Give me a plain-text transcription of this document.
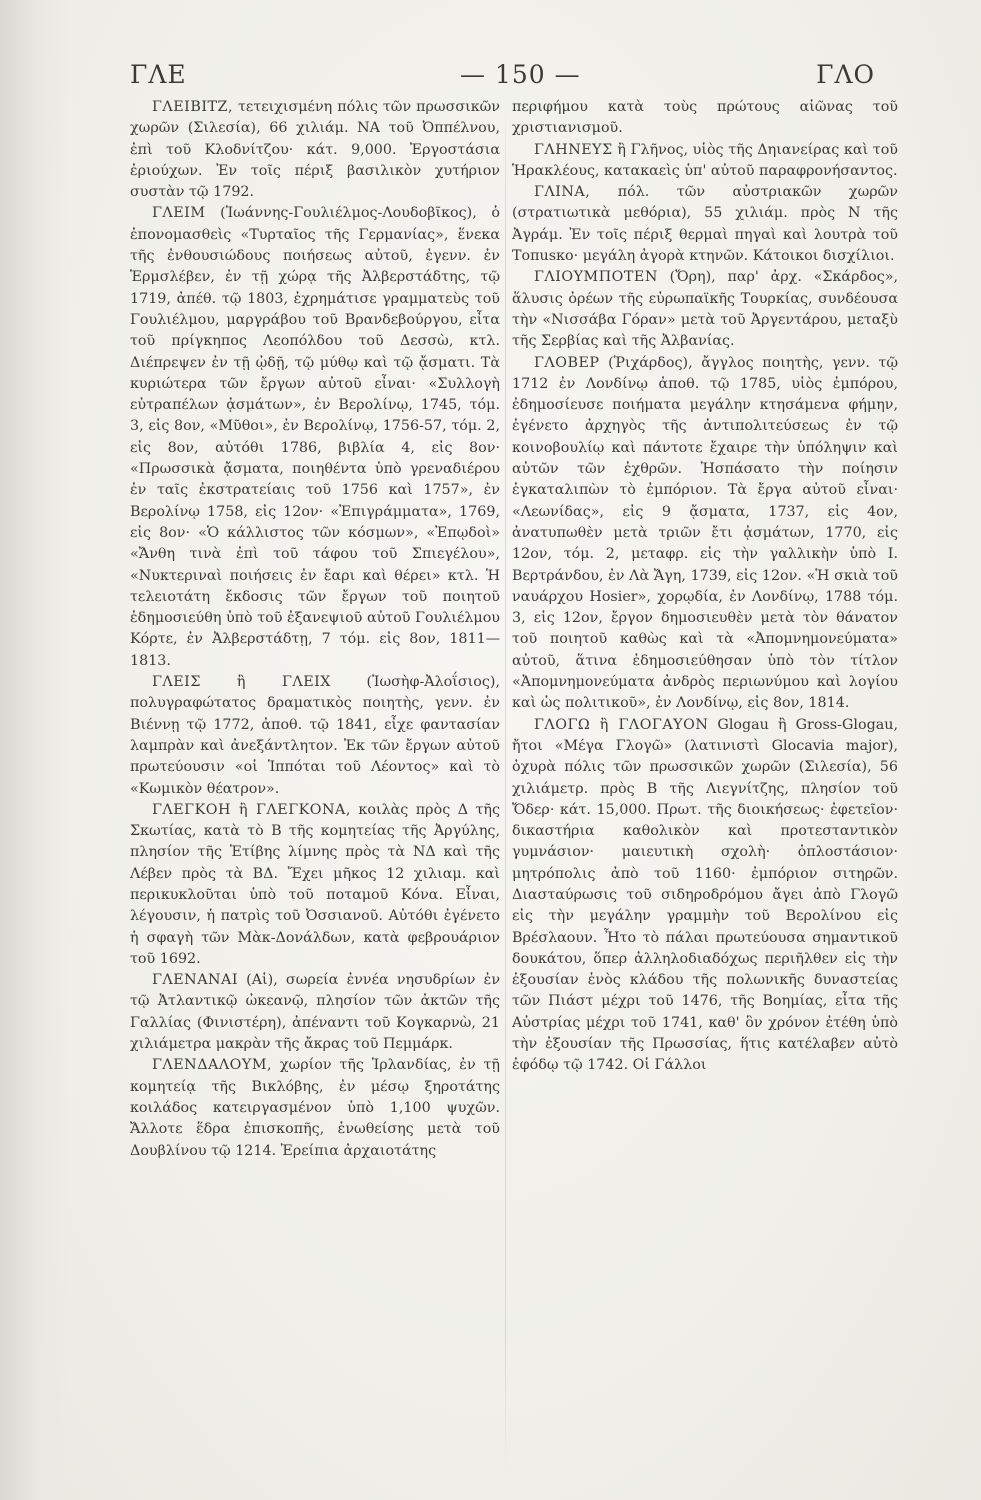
ΓΛΕ	— 150 —	ΓΛΟ

ΓΛΕΙΒΙΤΖ, τετειχισμένη πόλις τῶν πρωσσικῶν χωρῶν (Σιλεσία), 66 χιλιάμ. ΝΑ τοῦ Ὀππέλνου, ἐπὶ τοῦ Κλοδνίτζου· κάτ. 9,000. Ἐργοστάσια ἐριούχων. Ἐν τοῖς πέριξ βασιλικὸν χυτήριον συστὰν τῷ 1792.

ΓΛΕΙΜ (Ἰωάννης-Γουλιέλμος-Λουδοβῖκος), ὁ ἐπονομασθεὶς «Τυρταῖος τῆς Γερμανίας», ἕνεκα τῆς ἐνθουσιώδους ποιήσεως αὐτοῦ, ἐγενν. ἐν Ἑρμσλέβεν, ἐν τῇ χώρᾳ τῆς Ἀλβερστάδτης, τῷ 1719, ἀπέθ. τῷ 1803, ἐχρημάτισε γραμματεὺς τοῦ Γουλιέλμου, μαργράβου τοῦ Βρανδεβούργου, εἶτα τοῦ πρίγκηπος Λεοπόλδου τοῦ Δεσσὼ, κτλ. Διέπρεψεν ἐν τῇ ᾠδῇ, τῷ μύθῳ καὶ τῷ ᾄσματι. Τὰ κυριώτερα τῶν ἔργων αὐτοῦ εἶναι· «Συλλογὴ εὐτραπέλων ᾀσμάτων», ἐν Βερολίνῳ, 1745, τόμ. 3, εἰς 8ον, «Μῦθοι», ἐν Βερολίνῳ, 1756-57, τόμ. 2, εἰς 8ον, αὐτόθι 1786, βιβλία 4, εἰς 8ον· «Πρωσσικὰ ᾄσματα, ποιηθέντα ὑπὸ γρεναδιέρου ἐν ταῖς ἐκστρατείαις τοῦ 1756 καὶ 1757», ἐν Βερολίνῳ 1758, εἰς 12ον· «Ἐπιγράμματα», 1769, εἰς 8ον· «Ὁ κάλλιστος τῶν κόσμων», «Ἐπῳδοὶ» «Ἄνθη τινὰ ἐπὶ τοῦ τάφου τοῦ Σπιεγέλου», «Νυκτεριναὶ ποιήσεις ἐν ἔαρι καὶ θέρει» κτλ. Ἡ τελειοτάτη ἔκδοσις τῶν ἔργων τοῦ ποιητοῦ ἐδημοσιεύθη ὑπὸ τοῦ ἐξανεψιοῦ αὐτοῦ Γουλιέλμου Κόρτε, ἐν Ἀλβερστάδτῃ, 7 τόμ. εἰς 8ον, 1811—1813.

ΓΛΕΙΣ ἢ ΓΛΕΙΧ (Ἰωσὴφ-Ἀλοΐσιος), πολυγραφώτατος δραματικὸς ποιητὴς, γενν. ἐν Βιέννῃ τῷ 1772, ἀποθ. τῷ 1841, εἶχε φαντασίαν λαμπρὰν καὶ ἀνεξάντλητον. Ἐκ τῶν ἔργων αὐτοῦ πρωτεύουσιν «οἱ Ἱππόται τοῦ Λέοντος» καὶ τὸ «Κωμικὸν θέατρον».

ΓΛΕΓΚΟΗ ἢ ΓΛΕΓΚΟΝΑ, κοιλὰς πρὸς Δ τῆς Σκωτίας, κατὰ τὸ Β τῆς κομητείας τῆς Ἀργύλης, πλησίον τῆς Ἐτίβης λίμνης πρὸς τὰ ΝΔ καὶ τῆς Λέβεν πρὸς τὰ ΒΔ. Ἔχει μῆκος 12 χιλιαμ. καὶ περικυκλοῦται ὑπὸ τοῦ ποταμοῦ Κόνα. Εἶναι, λέγουσιν, ἡ πατρὶς τοῦ Ὀσσιανοῦ. Αὐτόθι ἐγένετο ἡ σφαγὴ τῶν Μὰκ-Δονάλδων, κατὰ φεβρουάριον τοῦ 1692.

ΓΛΕΝΑΝΑΙ (Αἱ), σωρεία ἐννέα νησυδρίων ἐν τῷ Ἀτλαντικῷ ὠκεανῷ, πλησίον τῶν ἀκτῶν τῆς Γαλλίας (Φινιστέρη), ἀπέναντι τοῦ Κογκαρνὼ, 21 χιλιάμετρα μακρὰν τῆς ἄκρας τοῦ Πεμμάρκ.

ΓΛΕΝΔΑΛΟΥΜ, χωρίον τῆς Ἰρλανδίας, ἐν τῇ κομητείᾳ τῆς Βικλόβης, ἐν μέσῳ ξηροτάτης κοιλάδος κατειργασμένον ὑπὸ 1,100 ψυχῶν. Ἄλλοτε ἕδρα ἐπισκοπῆς, ἑνωθείσης μετὰ τοῦ Δουβλίνου τῷ 1214. Ἐρείπια ἀρχαιοτάτης

περιφήμου κατὰ τοὺς πρώτους αἰῶνας τοῦ χριστιανισμοῦ.

ΓΛΗΝΕΥΣ ἢ Γλῆνος, υἱὸς τῆς Δηιανείρας καὶ τοῦ Ἡρακλέους, κατακαεὶς ὑπ' αὐτοῦ παραφρονήσαντος.

ΓΛΙΝΑ, πόλ. τῶν αὐστριακῶν χωρῶν (στρατιωτικὰ μεθόρια), 55 χιλιάμ. πρὸς Ν τῆς Ἀγράμ. Ἐν τοῖς πέριξ θερμαὶ πηγαὶ καὶ λουτρὰ τοῦ Τοπusκο· μεγάλη ἀγορὰ κτηνῶν. Κάτοικοι δισχίλιοι.

ΓΛΙΟΥΜΠΟΤΕΝ (Ὄρη), παρ' ἀρχ. «Σκάρδος», ἅλυσις ὀρέων τῆς εὐρωπαϊκῆς Τουρκίας, συνδέουσα τὴν «Νισσάβα Γόραν» μετὰ τοῦ Ἀργεντάρου, μεταξὺ τῆς Σερβίας καὶ τῆς Ἀλβανίας.

ΓΛΟΒΕΡ (Ῥιχάρδος), ἄγγλος ποιητὴς, γενν. τῷ 1712 ἐν Λονδίνῳ ἀποθ. τῷ 1785, υἱὸς ἐμπόρου, ἐδημοσίευσε ποιήματα μεγάλην κτησάμενα φήμην, ἐγένετο ἀρχηγὸς τῆς ἀντιπολιτεύσεως ἐν τῷ κοινοβουλίῳ καὶ πάντοτε ἔχαιρε τὴν ὑπόληψιν καὶ αὐτῶν τῶν ἐχθρῶν. Ἠσπάσατο τὴν ποίησιν ἐγκαταλιπὼν τὸ ἐμπόριον. Τὰ ἔργα αὐτοῦ εἶναι· «Λεωνίδας», εἰς 9 ᾄσματα, 1737, εἰς 4ον, ἀνατυπωθὲν μετὰ τριῶν ἔτι ᾀσμάτων, 1770, εἰς 12ον, τόμ. 2, μεταφρ. εἰς τὴν γαλλικὴν ὑπὸ Ι. Βερτράνδου, ἐν Λὰ Ἄγη, 1739, εἰς 12ον. «Ἡ σκιὰ τοῦ ναυάρχου Hosier», χορῳδία, ἐν Λονδίνῳ, 1788 τόμ. 3, εἰς 12ον, ἔργον δημοσιευθὲν μετὰ τὸν θάνατον τοῦ ποιητοῦ καθὼς καὶ τὰ «Ἀπομνημονεύματα» αὐτοῦ, ἅτινα ἐδημοσιεύθησαν ὑπὸ τὸν τίτλον «Ἀπομνημονεύματα ἀνδρὸς περιωνύμου καὶ λογίου καὶ ὡς πολιτικοῦ», ἐν Λονδίνῳ, εἰς 8ον, 1814.

ΓΛΟΓΩ ἢ ΓΛΟΓΑΥΟΝ Glogau ἢ Gross-Glogau, ἤτοι «Μέγα Γλογῶ» (λατινιστὶ Glocavia major), ὀχυρὰ πόλις τῶν πρωσσικῶν χωρῶν (Σιλεσία), 56 χιλιάμετρ. πρὸς Β τῆς Λιεγνίτζης, πλησίον τοῦ Ὄδερ· κάτ. 15,000. Πρωτ. τῆς διοικήσεως· ἐφετεῖον· δικαστήρια καθολικὸν καὶ προτεσταντικὸν γυμνάσιον· μαιευτικὴ σχολὴ· ὁπλοστάσιον· μητρόπολις ἀπὸ τοῦ 1160· ἐμπόριον σιτηρῶν. Διασταύρωσις τοῦ σιδηροδρόμου ἄγει ἀπὸ Γλογῶ εἰς τὴν μεγάλην γραμμὴν τοῦ Βερολίνου εἰς Βρέσλαουν. Ἦτο τὸ πάλαι πρωτεύουσα σημαντικοῦ δουκάτου, ὅπερ ἀλληλοδιαδόχως περιῆλθεν εἰς τὴν ἐξουσίαν ἑνὸς κλάδου τῆς πολωνικῆς δυναστείας τῶν Πιάστ μέχρι τοῦ 1476, τῆς Βοημίας, εἶτα τῆς Αὐστρίας μέχρι τοῦ 1741, καθ' ὃν χρόνον ἐτέθη ὑπὸ τὴν ἐξουσίαν τῆς Πρωσσίας, ἥτις κατέλαβεν αὐτὸ ἐφόδῳ τῷ 1742. Οἱ Γάλλοι
